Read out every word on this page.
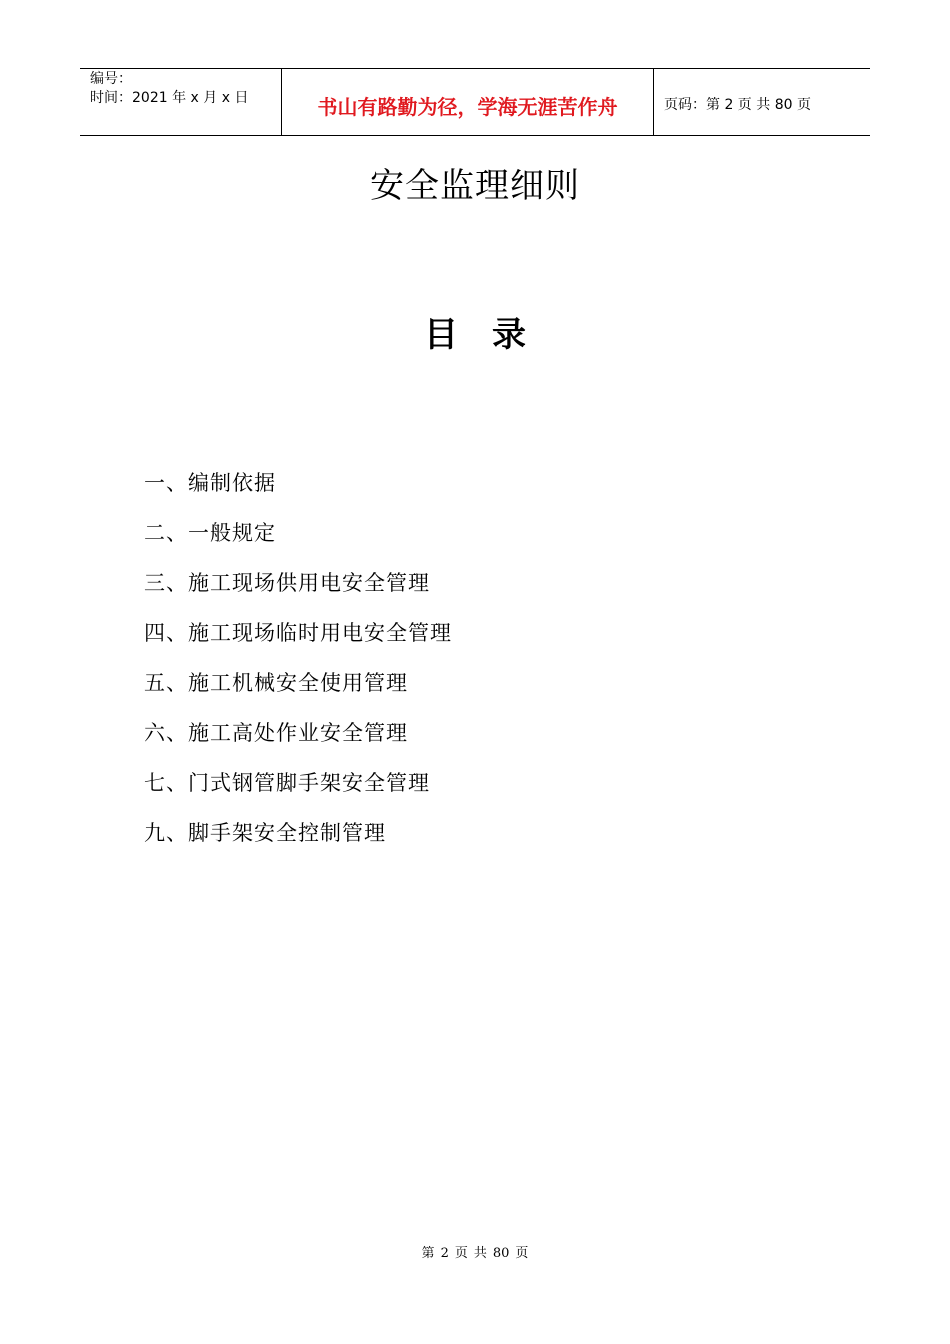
编号：
时间：2021 年 x 月 x 日	书山有路勤为径，学海无涯苦作舟	页码：第 2 页 共 80 页
安全监理细则
目　录
一、编制依据
二、一般规定
三、施工现场供用电安全管理
四、施工现场临时用电安全管理
五、施工机械安全使用管理
六、施工高处作业安全管理
七、门式钢管脚手架安全管理
九、脚手架安全控制管理
第 2 页 共 80 页
